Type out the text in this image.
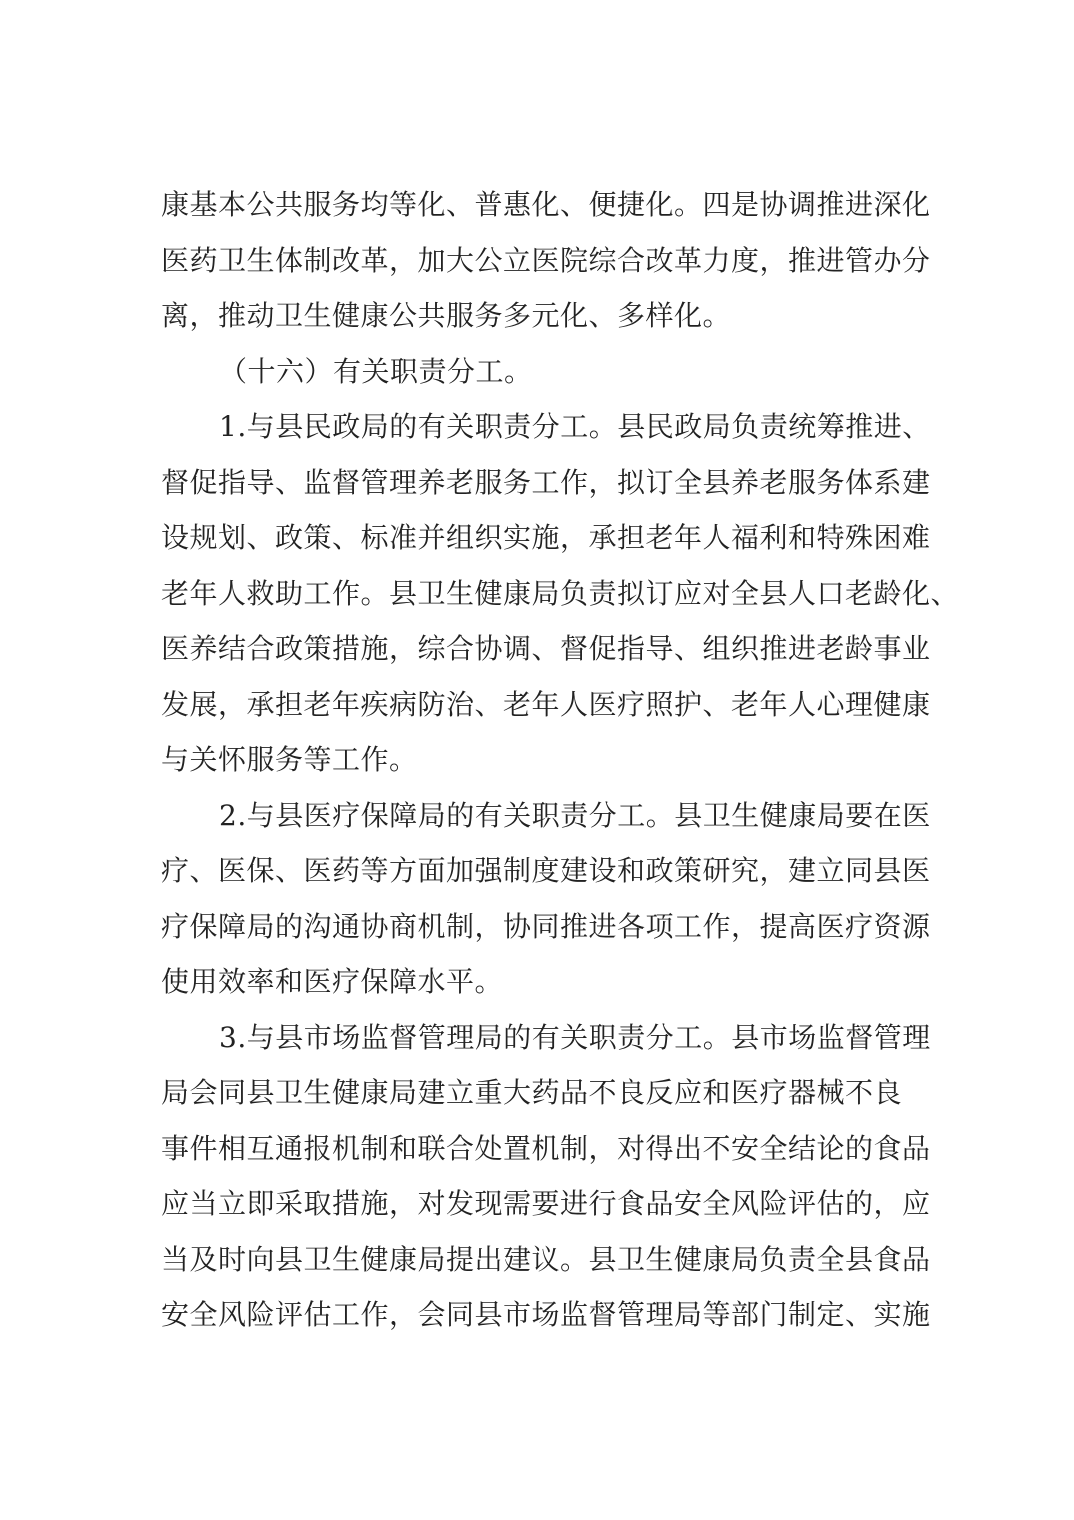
康基本公共服务均等化、普惠化、便捷化。四是协调推进深化
医药卫生体制改革，加大公立医院综合改革力度，推进管办分
离，推动卫生健康公共服务多元化、多样化。
（十六）有关职责分工。
1.与县民政局的有关职责分工。县民政局负责统筹推进、
督促指导、监督管理养老服务工作，拟订全县养老服务体系建
设规划、政策、标准并组织实施，承担老年人福利和特殊困难
老年人救助工作。县卫生健康局负责拟订应对全县人口老龄化、
医养结合政策措施，综合协调、督促指导、组织推进老龄事业
发展，承担老年疾病防治、老年人医疗照护、老年人心理健康
与关怀服务等工作。
2.与县医疗保障局的有关职责分工。县卫生健康局要在医
疗、医保、医药等方面加强制度建设和政策研究，建立同县医
疗保障局的沟通协商机制，协同推进各项工作，提高医疗资源
使用效率和医疗保障水平。
3.与县市场监督管理局的有关职责分工。县市场监督管理
局会同县卫生健康局建立重大药品不良反应和医疗器械不良
事件相互通报机制和联合处置机制，对得出不安全结论的食品
应当立即采取措施，对发现需要进行食品安全风险评估的，应
当及时向县卫生健康局提出建议。县卫生健康局负责全县食品
安全风险评估工作，会同县市场监督管理局等部门制定、实施
